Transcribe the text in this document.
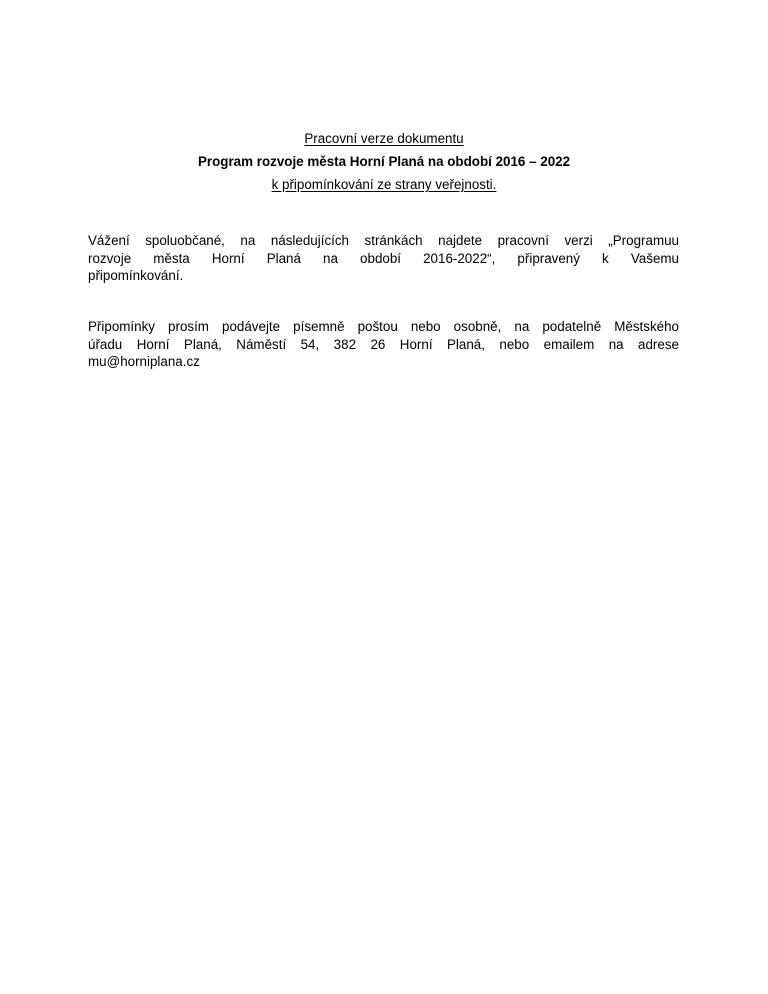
Pracovní verze dokumentu
Program rozvoje města Horní Planá na období 2016 – 2022
k připomínkování ze strany veřejnosti.
Vážení spoluobčané, na následujících stránkách najdete pracovní verzi „Programuu
rozvoje města Horní Planá na období 2016-2022“, připravený k Vašemu
připomínkování.
Připomínky prosím podávejte písemně poštou nebo osobně, na podatelně Městského
úřadu Horní Planá, Náměstí 54, 382 26 Horní Planá, nebo emailem na adrese
mu@horniplana.cz
